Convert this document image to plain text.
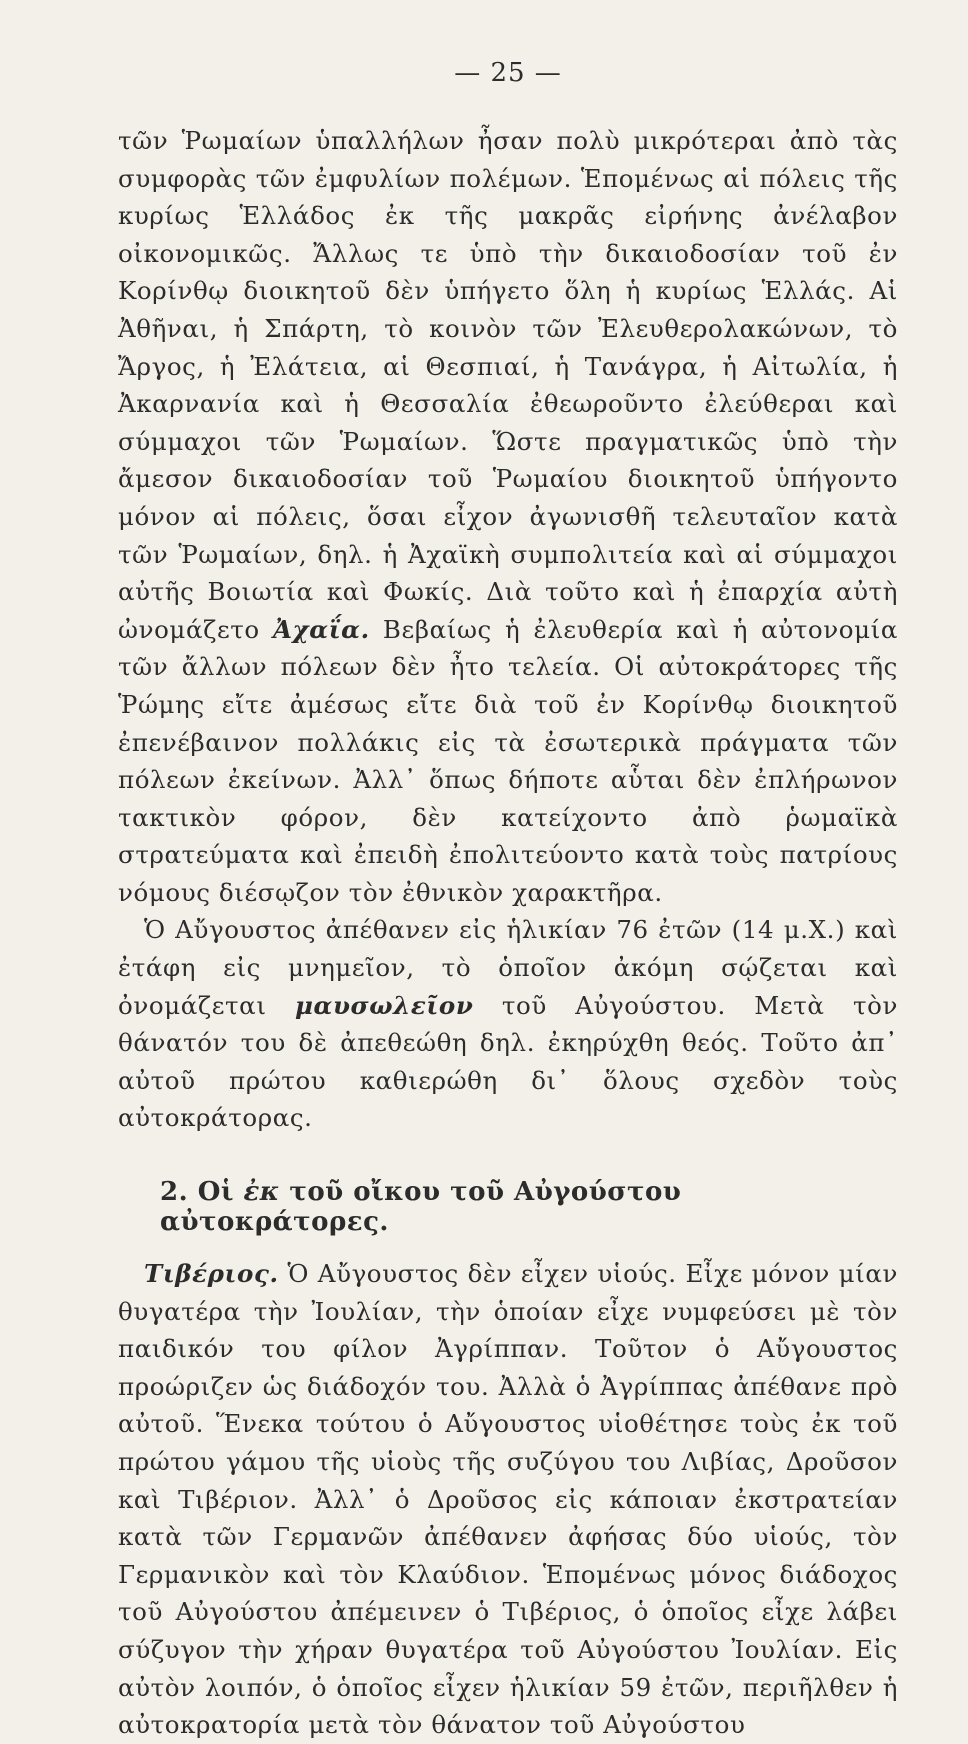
— 25 —

τῶν Ῥωμαίων ὑπαλλήλων ἦσαν πολὺ μικρότεραι ἀπὸ τὰς συμφορὰς τῶν ἐμφυλίων πολέμων. Ἑπομένως αἱ πόλεις τῆς κυρίως Ἑλλάδος ἐκ τῆς μακρᾶς εἰρήνης ἀνέλαβον οἰκονομικῶς. Ἄλλως τε ὑπὸ τὴν δικαιοδοσίαν τοῦ ἐν Κορίνθῳ διοικητοῦ δὲν ὑπήγετο ὅλη ἡ κυρίως Ἑλλάς. Αἱ Ἀθῆναι, ἡ Σπάρτη, τὸ κοινὸν τῶν Ἐλευθερολακώνων, τὸ Ἄργος, ἡ Ἐλάτεια, αἱ Θεσπιαί, ἡ Τανάγρα, ἡ Αἰτωλία, ἡ Ἀκαρνανία καὶ ἡ Θεσσαλία ἐθεωροῦντο ἐλεύθεραι καὶ σύμμαχοι τῶν Ῥωμαίων. Ὥστε πραγματικῶς ὑπὸ τὴν ἄμεσον δικαιοδοσίαν τοῦ Ῥωμαίου διοικητοῦ ὑπήγοντο μόνον αἱ πόλεις, ὅσαι εἶχον ἀγωνισθῆ τελευταῖον κατὰ τῶν Ῥωμαίων, δηλ. ἡ Ἀχαϊκὴ συμπολιτεία καὶ αἱ σύμμαχοι αὐτῆς Βοιωτία καὶ Φωκίς. Διὰ τοῦτο καὶ ἡ ἐπαρχία αὐτὴ ὠνομάζετο Ἀχαΐα. Βεβαίως ἡ ἐλευθερία καὶ ἡ αὐτονομία τῶν ἄλλων πόλεων δὲν ἦτο τελεία. Οἱ αὐτοκράτορες τῆς Ῥώμης εἴτε ἀμέσως εἴτε διὰ τοῦ ἐν Κορίνθῳ διοικητοῦ ἐπενέβαινον πολλάκις εἰς τὰ ἐσωτερικὰ πράγματα τῶν πόλεων ἐκείνων. Ἀλλ᾽ ὅπως δήποτε αὗται δὲν ἐπλήρωνον τακτικὸν φόρον, δὲν κατείχοντο ἀπὸ ῥωμαϊκὰ στρατεύματα καὶ ἐπειδὴ ἐπολιτεύοντο κατὰ τοὺς πατρίους νόμους διέσῳζον τὸν ἐθνικὸν χαρακτῆρα.

Ὁ Αὔγουστος ἀπέθανεν εἰς ἡλικίαν 76 ἐτῶν (14 μ.Χ.) καὶ ἐτάφη εἰς μνημεῖον, τὸ ὁποῖον ἀκόμη σῴζεται καὶ ὀνομάζεται μαυσωλεῖον τοῦ Αὐγούστου. Μετὰ τὸν θάνατόν του δὲ ἀπεθεώθη δηλ. ἐκηρύχθη θεός. Τοῦτο ἀπ᾽ αὐτοῦ πρώτου καθιερώθη δι᾽ ὅλους σχεδὸν τοὺς αὐτοκράτορας.

2. Οἱ ἐκ τοῦ οἴκου τοῦ Αὐγούστου αὐτοκράτορες.

Τιβέριος. Ὁ Αὔγουστος δὲν εἶχεν υἱούς. Εἶχε μόνον μίαν θυγατέρα τὴν Ἰουλίαν, τὴν ὁποίαν εἶχε νυμφεύσει μὲ τὸν παιδικόν του φίλον Ἀγρίππαν. Τοῦτον ὁ Αὔγουστος προώριζεν ὡς διάδοχόν του. Ἀλλὰ ὁ Ἀγρίππας ἀπέθανε πρὸ αὐτοῦ. Ἕνεκα τούτου ὁ Αὔγουστος υἱοθέτησε τοὺς ἐκ τοῦ πρώτου γάμου τῆς υἱοὺς τῆς συζύγου του Λιβίας, Δροῦσον καὶ Τιβέριον. Ἀλλ᾽ ὁ Δροῦσος εἰς κάποιαν ἐκστρατείαν κατὰ τῶν Γερμανῶν ἀπέθανεν ἀφήσας δύο υἱούς, τὸν Γερμανικὸν καὶ τὸν Κλαύδιον. Ἑπομένως μόνος διάδοχος τοῦ Αὐγούστου ἀπέμεινεν ὁ Τιβέριος, ὁ ὁποῖος εἶχε λάβει σύζυγον τὴν χήραν θυγατέρα τοῦ Αὐγούστου Ἰουλίαν. Εἰς αὐτὸν λοιπόν, ὁ ὁποῖος εἶχεν ἡλικίαν 59 ἐτῶν, περιῆλθεν ἡ αὐτοκρατορία μετὰ τὸν θάνατον τοῦ Αὐγούστου
